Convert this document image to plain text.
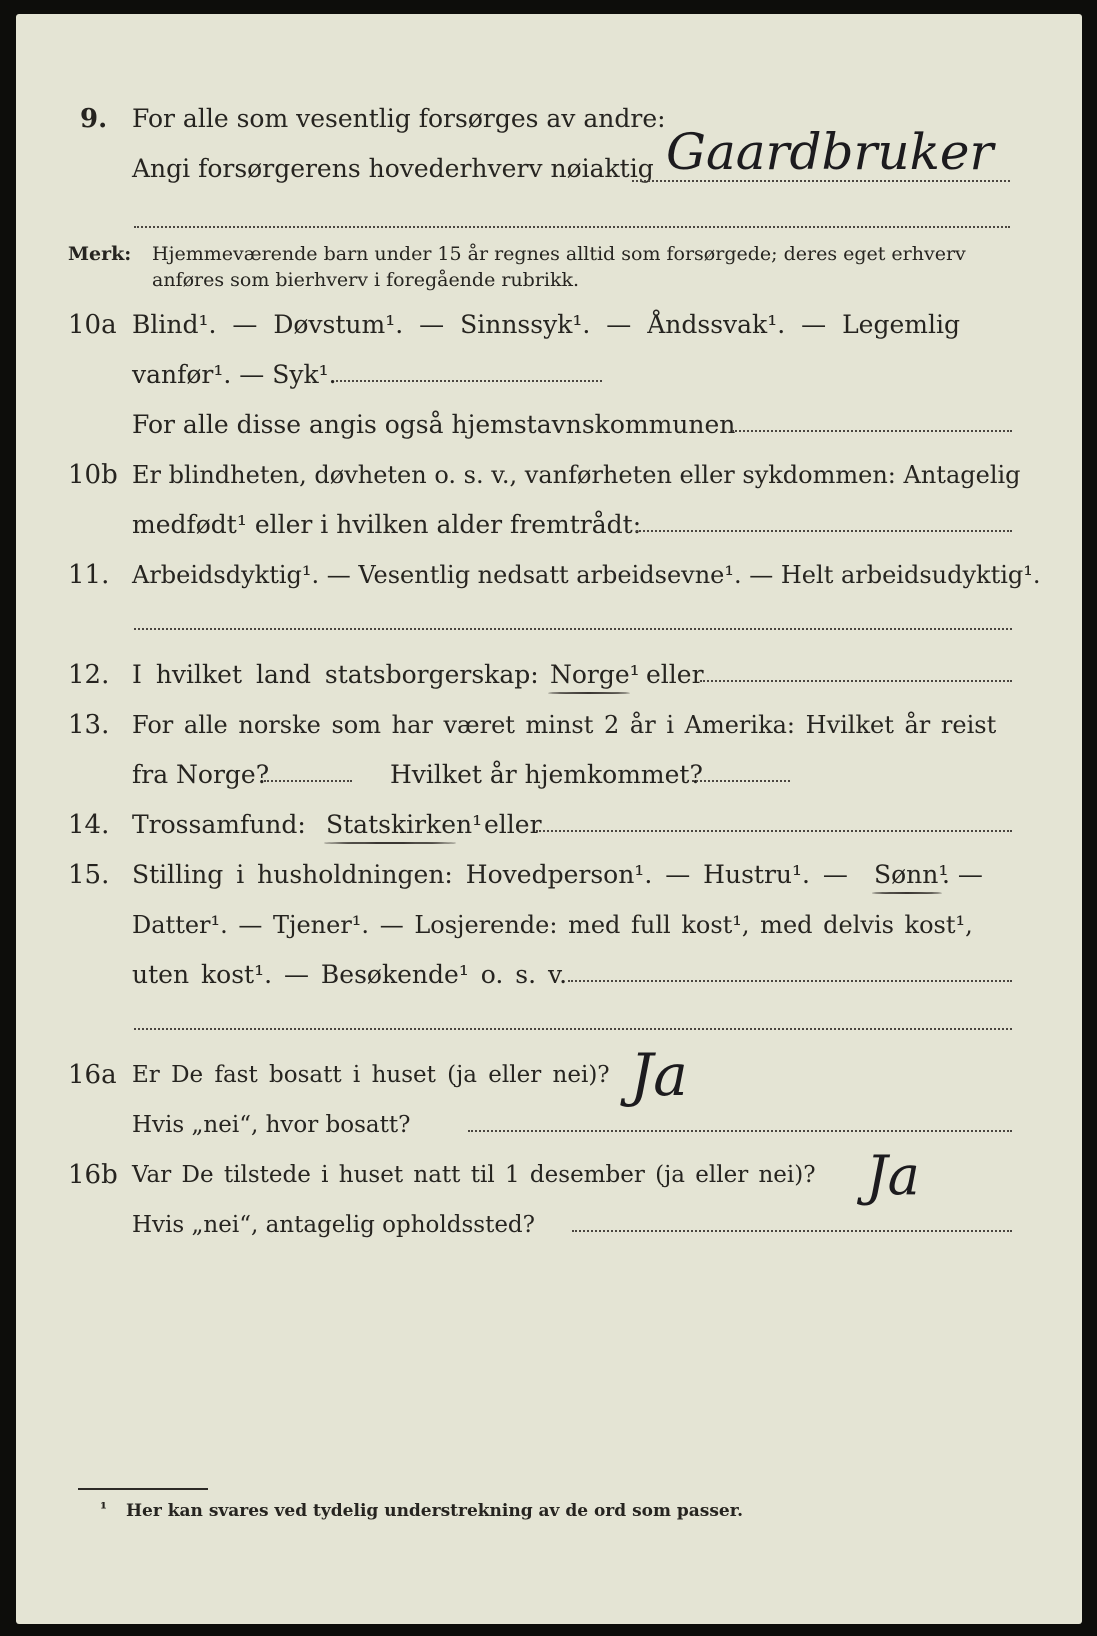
9. For alle som vesentlig forsørges av andre:
Angi forsørgerens hovederhverv nøiaktig Gaardbruker
Merk: Hjemmeværende barn under 15 år regnes alltid som forsørgede; deres eget erhverv
anføres som bierhverv i foregående rubrikk.
10a Blind¹. — Døvstum¹. — Sinnssyk¹. — Åndssvak¹. — Legemlig
vanfør¹. — Syk¹.
For alle disse angis også hjemstavnskommunen
10b Er blindheten, døvheten o. s. v., vanførheten eller sykdommen: Antagelig
medfødt¹ eller i hvilken alder fremtrådt:
11. Arbeidsdyktig¹. — Vesentlig nedsatt arbeidsevne¹. — Helt arbeidsudyktig¹.
12. I hvilket land statsborgerskap: Norge¹ eller
13. For alle norske som har været minst 2 år i Amerika: Hvilket år reist
fra Norge?	Hvilket år hjemkommet?
14. Trossamfund: Statskirken¹ eller
15. Stilling i husholdningen: Hovedperson¹. — Hustru¹. — Sønn¹
. —
Datter¹. — Tjener¹. — Losjerende: med full kost¹, med delvis kost¹,
uten kost¹. — Besøkende¹ o. s. v.
16a Er De fast bosatt i huset (ja eller nei)? Ja
Hvis „nei“, hvor bosatt?
16b Var De tilstede i huset natt til 1 desember (ja eller nei)? Ja
Hvis „nei“, antagelig opholdssted?
¹ Her kan svares ved tydelig understrekning av de ord som passer.
